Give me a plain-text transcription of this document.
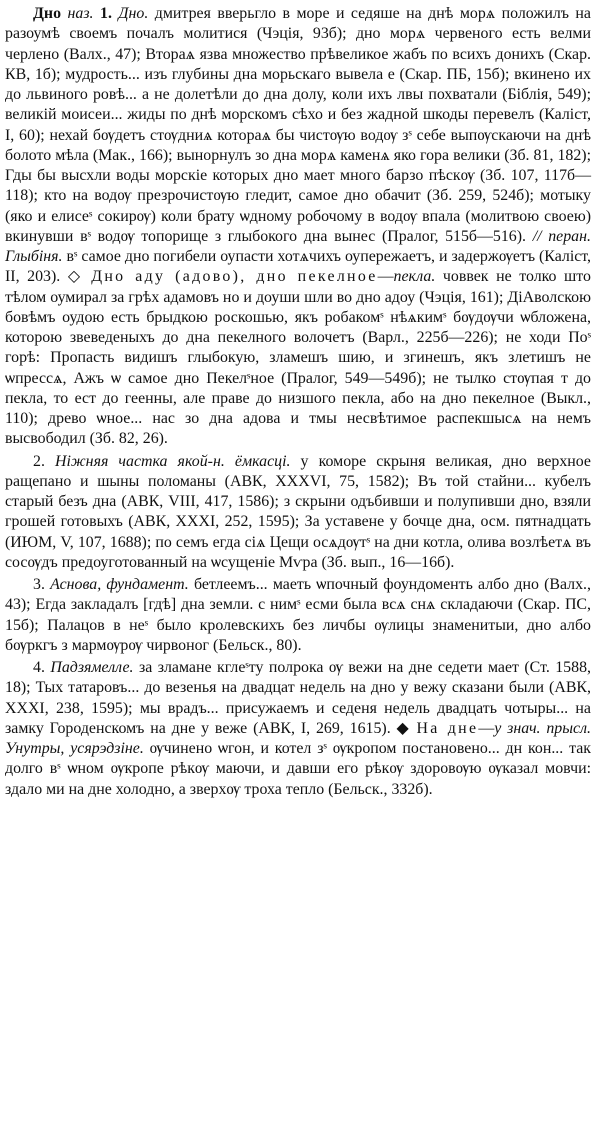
Дно наз. 1. Дно. дмитрея вверьгло в море и седяше на днѣ морѧ положилъ на разоумѣ своемъ почалъ молитися (Чэція, 93б); дно морѧ червеного есть велми черлено (Валх., 47); Втораѧ язва множество прѣвеликое жабъ по всихъ донихъ (Скар. КВ, 1б); мудрость... изъ глубины дна морьскаго вывела е (Скар. ПБ, 15б); вкинено их до львиного ровѣ... а не долетѣли до дна долу, коли ихъ лвы похватали (Біблія, 549); великій моисеи... жиды по днѣ морскомъ сѣхо и без жадной шкоды перевелъ (Каліст, І, 60); нехай бѹдетъ стѹдниѧ котораѧ бы чистѹю водѹ зˢ себе выпѹскаючи на днѣ болото мѣла (Мак., 166); вынорнулъ зо дна морѧ каменѧ яко гора велики (Зб. 81, 182); Гды бы высхли воды морскіе которых дно мает много барзо пѣскѹ (Зб. 107, 117б—118); кто на водѹ презрочистѹю гледит, самое дно обачит (Зб. 259, 524б); мотыку (яко и елисеˢ сокирѹ) коли брату ѡдному робочому в водѹ впала (молитвою своею) вкинувши вˢ водѹ топорище з глыбокого дна вынес (Пралог, 515б—516). // перан. Глыбіня. вˢ самое дно погибели оупасти хотѧчихъ оупережаетъ, и задержѹетъ (Каліст, ІІ, 203). ◇ Дно аду (адово), дно пекелное—пекла. човвек не толко што тѣлом оумирал за грѣх адамовъ но и доуши шли во дно адоу (Чэція, 161); ДіАволскою бовѣмъ оудою есть брыдкою роскошью, якъ робакомˢ нѣѧкимˢ бѹдѹчи ѡбложена, которою звеведеныхъ до дна пекелного волочетъ (Варл., 225б—226); не ходи Поˢ горѣ: Пропасть видишъ глыбокую, зламешъ шию, и згинешъ, якъ злетишъ не ѡпрессѧ, Ажъ ѡ самое дно Пекелˢное (Пралог, 549—549б); не тылко стѹпая т до пекла, то ест до геенны, але праве до низшого пекла, або на дно пекелное (Выкл., 110); древо ѡное... нас зо дна адова и тмы несвѣтимое распекшысѧ на немъ высвободил (Зб. 82, 26).

2. Ніжняя частка якой-н. ёмкасці. у коморе скрыня великая, дно верхное ращепано и шыны поломаны (АВК, XXXVI, 75, 1582); Въ той стайни... кубелъ старый безъ дна (АВК, VIII, 417, 1586); з скрыни одъбивши и полупивши дно, взяли грошей готовыхъ (АВК, XXXI, 252, 1595); За уставене у бочце дна, осм. пятнадцать (ИЮМ, V, 107, 1688); по семъ егда сіѧ Цещи осѧдѹтˢ на дни котла, олива возлѣетѧ въ сосѹдъ предоуготованный на ѡсущеніе Мѵра (Зб. вып., 16—16б).

3. Аснова, фундамент. бетлеемъ... маеть ѡпочный фоундоменть албо дно (Валх., 43); Егда закладалъ [гдѣ] дна земли. с нимˢ есми была всѧ снѧ складаючи (Скар. ПС, 15б); Палацов в неˢ было кролевскихъ без личбы ѹлицы знаменитыи, дно албо бѹркгъ з мармѹрѹ чирвоног (Бельск., 80).

4. Падзямелле. за зламане кглеˢту полрока ѹ вежи на дне седети мает (Ст. 1588, 18); Тых татаровъ... до везенья на двадцат недель на дно у вежу сказани были (АВК, XXXI, 238, 1595); мы врадъ... присужаемъ и седеня недель двадцать чотыры... на замку Городенскомъ на дне у веже (АВК, І, 269, 1615). ◆ На дне—у знач. прысл. Унутры, усярэдзіне. ѹчинено ѡгон, и котел зˢ ѹкропом постановено... дн кон... так долго вˢ ѡном ѹкропе рѣкѹ маючи, и давши его рѣкѹ здоровѹю ѹказал мовчи: здало ми на дне холодно, а зверхѹ троха тепло (Бельск., 332б).
